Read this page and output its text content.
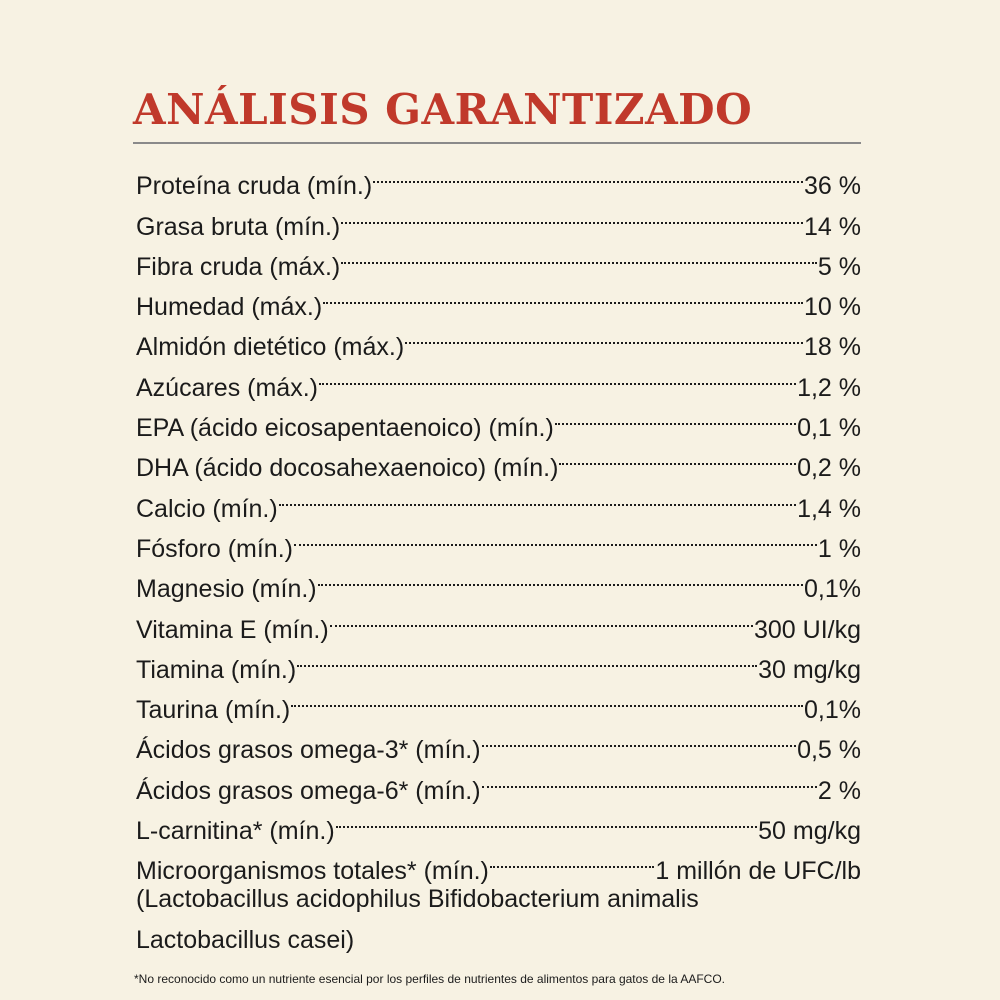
ANÁLISIS GARANTIZADO
Proteína cruda (mín.)	36 %
Grasa bruta (mín.)	14 %
Fibra cruda (máx.)	5 %
Humedad (máx.)	10 %
Almidón dietético (máx.)	18 %
Azúcares (máx.)	1,2 %
EPA (ácido eicosapentaenoico) (mín.)	0,1 %
DHA (ácido docosahexaenoico) (mín.)	0,2 %
Calcio (mín.)	1,4 %
Fósforo (mín.)	1 %
Magnesio (mín.)	0,1%
Vitamina E (mín.)	300 UI/kg
Tiamina (mín.)	30 mg/kg
Taurina (mín.)	0,1%
Ácidos grasos omega-3* (mín.)	0,5 %
Ácidos grasos omega-6* (mín.)	2 %
L-carnitina* (mín.)	50 mg/kg
Microorganismos totales* (mín.)	1 millón de UFC/lb
(Lactobacillus acidophilus Bifidobacterium animalis
Lactobacillus casei)
*No reconocido como un nutriente esencial por los perfiles de nutrientes de alimentos para gatos de la AAFCO.
